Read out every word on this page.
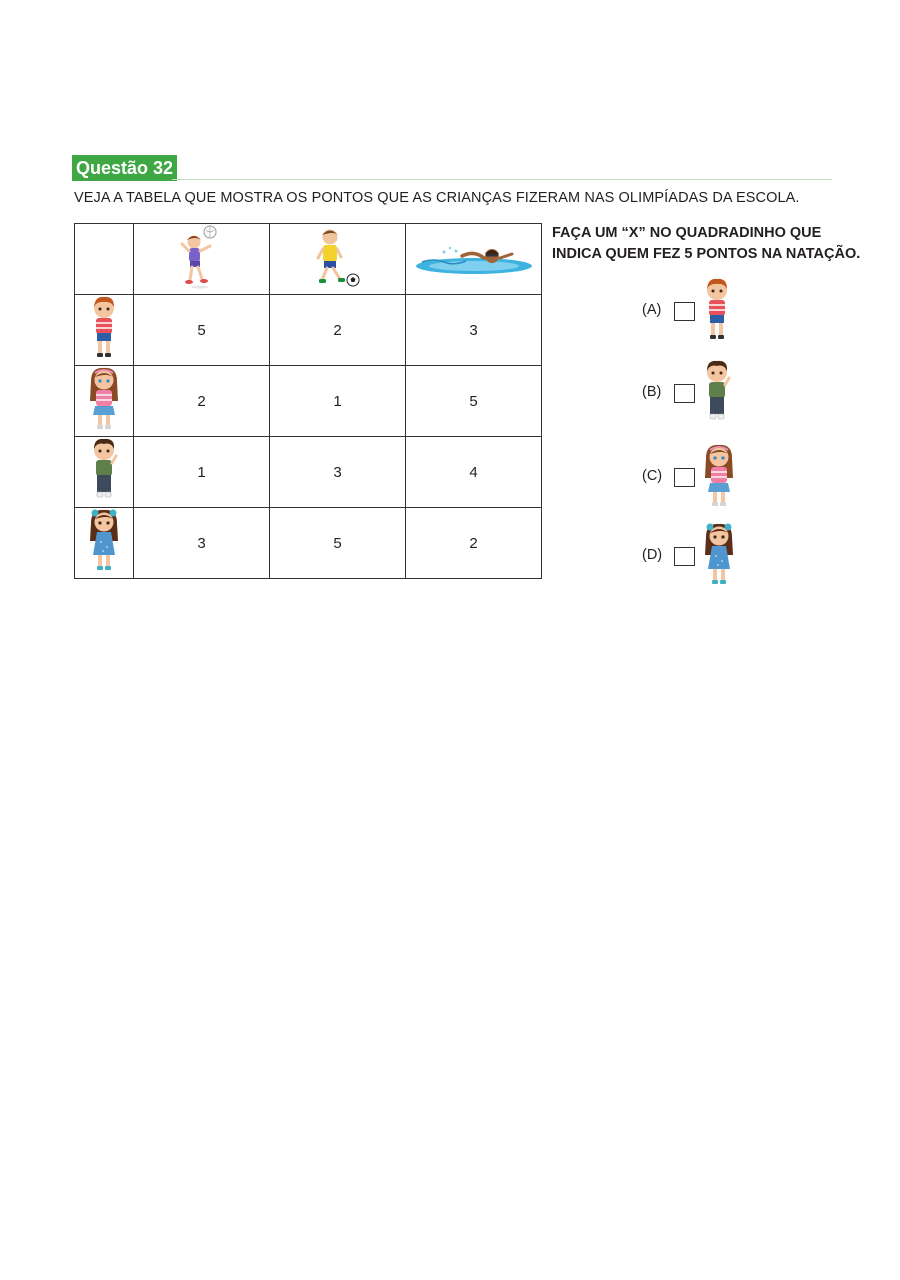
Questão 32
VEJA A TABELA QUE MOSTRA OS PONTOS QUE AS CRIANÇAS FIZERAM NAS OLIMPÍADAS DA ESCOLA.

	5	2	3
	2	1	5
	1	3	4
	3	5	2
FAÇA UM “X” NO QUADRADINHO QUE INDICA QUEM FEZ 5 PONTOS NA NATAÇÃO.
(A)
(B)
(C)
(D)
